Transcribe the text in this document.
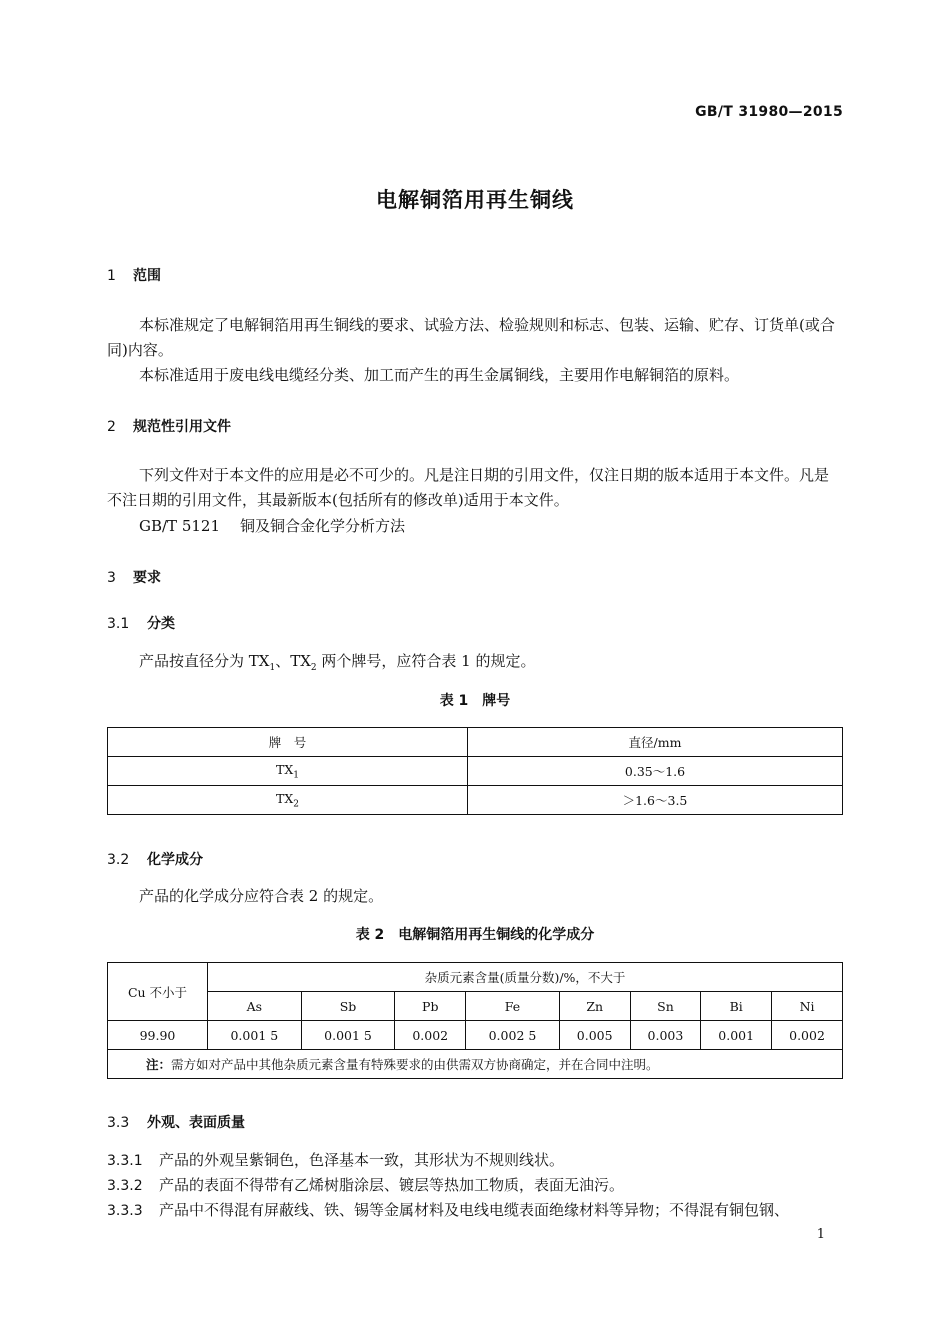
GB/T 31980—2015
电解铜箔用再生铜线
1 范围
本标准规定了电解铜箔用再生铜线的要求、试验方法、检验规则和标志、包装、运输、贮存、订货单(或合同)内容。
本标准适用于废电线电缆经分类、加工而产生的再生金属铜线，主要用作电解铜箔的原料。
2 规范性引用文件
下列文件对于本文件的应用是必不可少的。凡是注日期的引用文件，仅注日期的版本适用于本文件。凡是不注日期的引用文件，其最新版本(包括所有的修改单)适用于本文件。
GB/T 5121 铜及铜合金化学分析方法
3 要求
3.1 分类
产品按直径分为 $TX_1$、$TX_2$ 两个牌号，应符合表 1 的规定。
表 1　牌号
牌　号	直径/mm
$TX_1$	0.35～1.6
$TX_2$	＞1.6～3.5
3.2 化学成分
产品的化学成分应符合表 2 的规定。
表 2　电解铜箔用再生铜线的化学成分
Cu 不小于	杂质元素含量(质量分数)/%，不大于							
	As	Sb	Pb	Fe	Zn	Sn	Bi	Ni
99.90	0.001 5	0.001 5	0.002	0.002 5	0.005	0.003	0.001	0.002
注：需方如对产品中其他杂质元素含量有特殊要求的由供需双方协商确定，并在合同中注明。								
3.3 外观、表面质量
3.3.1 产品的外观呈紫铜色，色泽基本一致，其形状为不规则线状。
3.3.2 产品的表面不得带有乙烯树脂涂层、镀层等热加工物质，表面无油污。
3.3.3 产品中不得混有屏蔽线、铁、锡等金属材料及电线电缆表面绝缘材料等异物；不得混有铜包钢、
1
